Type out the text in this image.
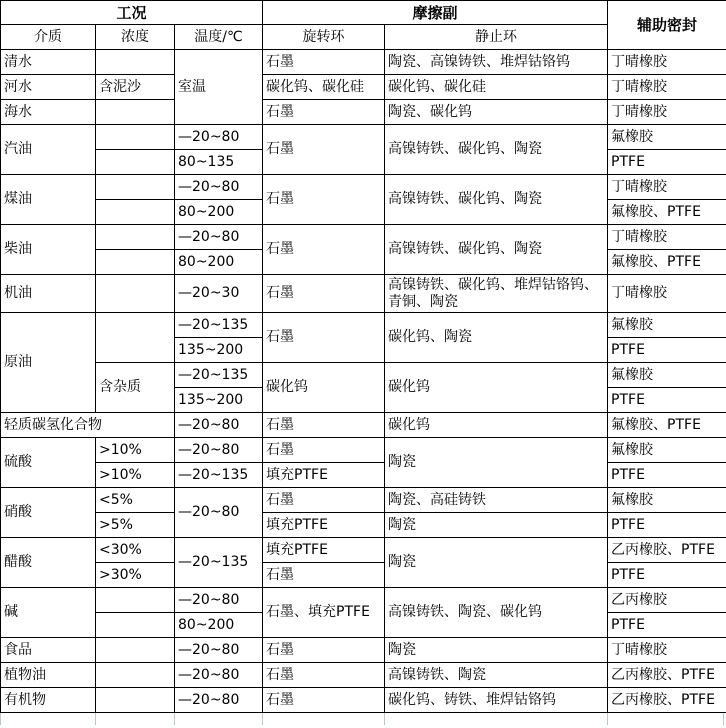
工况			摩擦副		辅助密封
介质	浓度	温度/℃	旋转环	静止环	
清水		室温	石墨	陶瓷、高镍铸铁、堆焊钴铬钨	丁晴橡胶
河水	含泥沙		碳化钨、碳化硅	碳化钨、碳化硅	丁晴橡胶
海水			石墨	陶瓷、碳化钨	丁晴橡胶
汽油		—20~80	石墨	高镍铸铁、碳化钨、陶瓷	氟橡胶
		80~135			PTFE
煤油		—20~80	石墨	高镍铸铁、碳化钨、陶瓷	丁晴橡胶
		80~200			氟橡胶、PTFE
柴油		—20~80	石墨	高镍铸铁、碳化钨、陶瓷	丁晴橡胶
		80~200			氟橡胶、PTFE
机油		—20~30	石墨	高镍铸铁、碳化钨、堆焊钴铬钨、青铜、陶瓷	丁晴橡胶
原油		—20~135	石墨	碳化钨、陶瓷	氟橡胶
		135~200			PTFE
	含杂质	—20~135	碳化钨	碳化钨	氟橡胶
		135~200			PTFE
轻质碳氢化合物		—20~80	石墨	碳化钨	氟橡胶、PTFE
硫酸	>10%	—20~80	石墨	陶瓷	氟橡胶
	>10%	—20~135	填充PTFE		PTFE
硝酸	<5%	—20~80	石墨	陶瓷、高硅铸铁	氟橡胶
	>5%		填充PTFE	陶瓷	PTFE
醋酸	<30%	—20~135	填充PTFE	陶瓷	乙丙橡胶、PTFE
	>30%		石墨		PTFE
碱		—20~80	石墨、填充PTFE	高镍铸铁、陶瓷、碳化钨	乙丙橡胶
		80~200			PTFE
食品		—20~80	石墨	陶瓷	丁晴橡胶
植物油		—20~80	石墨	高镍铸铁、陶瓷	乙丙橡胶、PTFE
有机物		—20~80	石墨	碳化钨、铸铁、堆焊钴铬钨	乙丙橡胶、PTFE
